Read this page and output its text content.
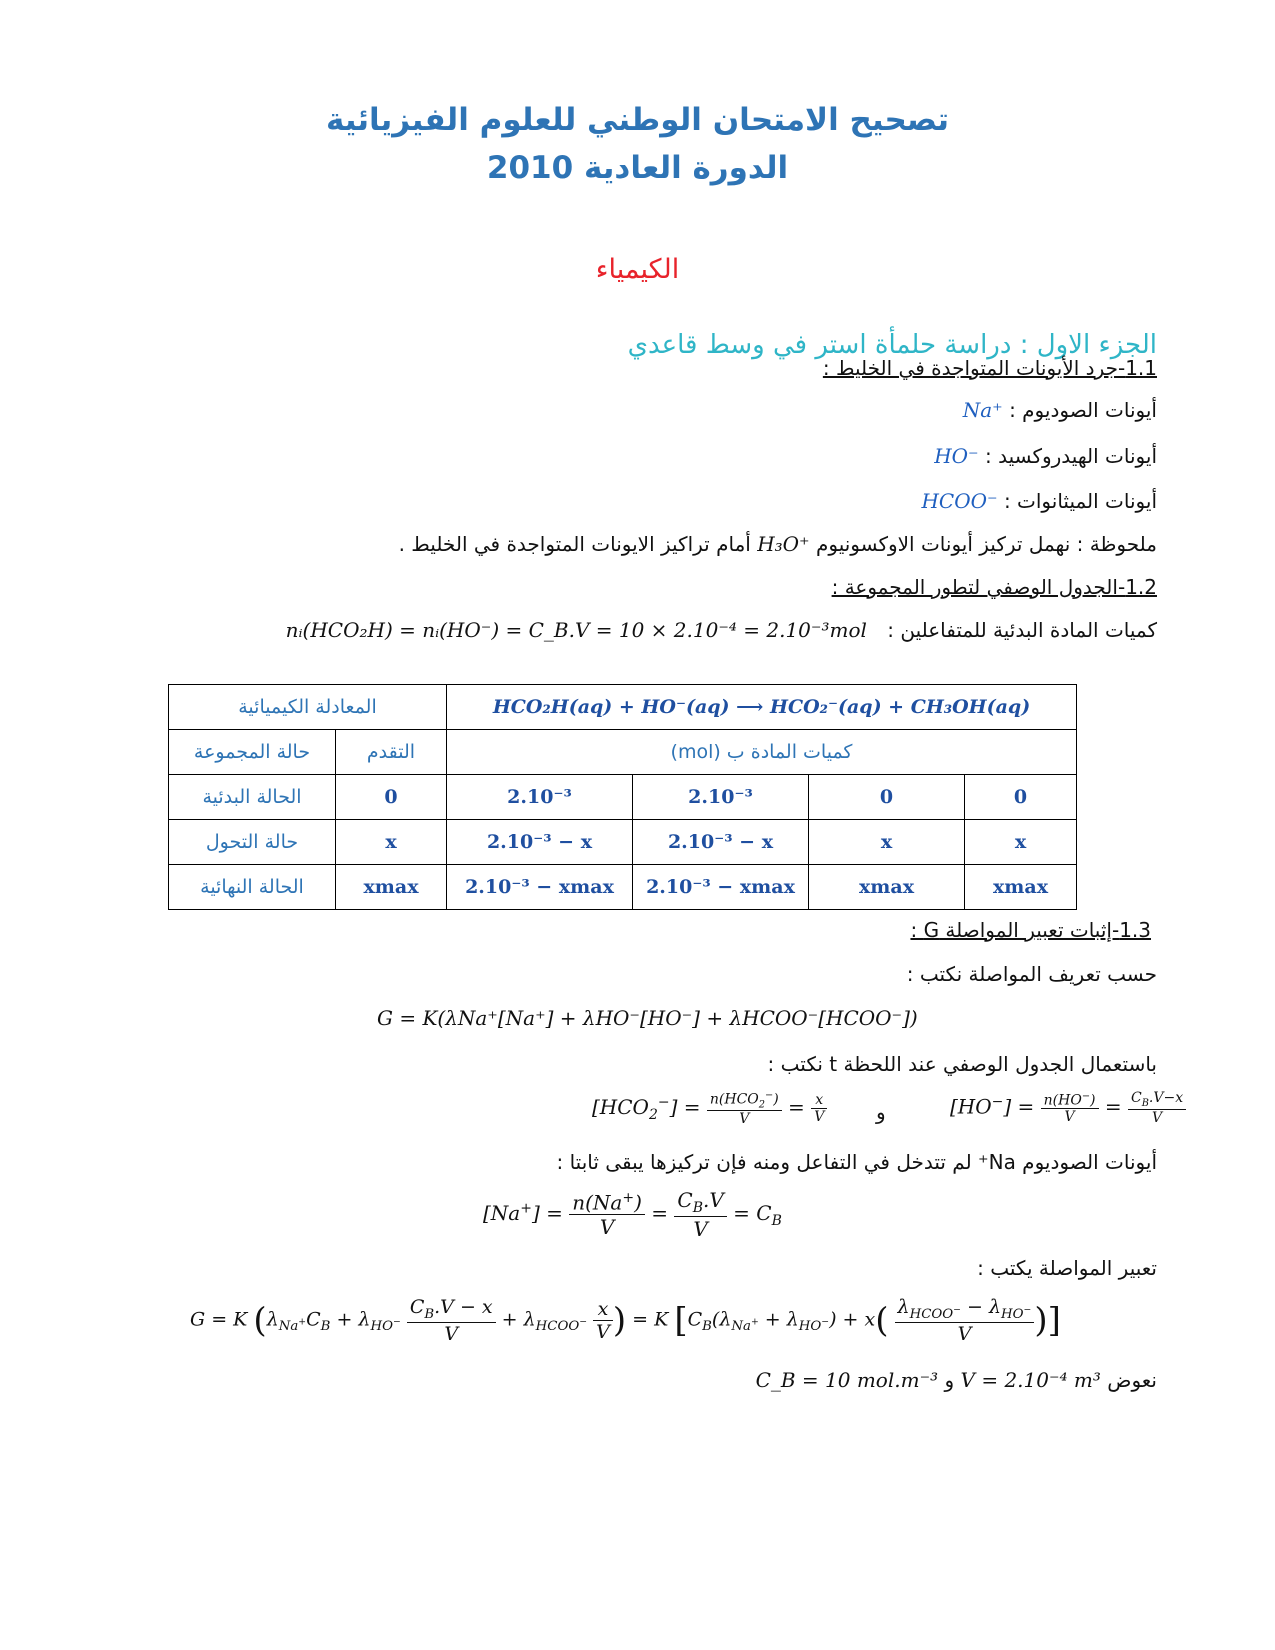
تصحيح الامتحان الوطني للعلوم الفيزيائية
الدورة العادية 2010
الكيمياء
الجزء الاول : دراسة حلمأة استر في وسط قاعدي
1.1-جرد الأيونات المتواجدة في الخليط :
أيونات الصوديوم : Na⁺
أيونات الهيدروكسيد : HO⁻
أيونات الميثانوات : HCOO⁻
ملحوظة : نهمل تركيز أيونات الاوكسونيوم H₃O⁺ أمام تراكيز الايونات المتواجدة في الخليط .
1.2-الجدول الوصفي لتطور المجموعة :
كميات المادة البدئية للمتفاعلين : nᵢ(HCO₂H) = nᵢ(HO⁻) = C_B.V = 10 × 2.10⁻⁴ = 2.10⁻³mol
المعادلة الكيميائية		HCO₂H(aq) + HO⁻(aq) ⟶ HCO₂⁻(aq) + CH₃OH(aq)			
حالة المجموعة	التقدم	كميات المادة ب (mol)			
الحالة البدئية	0	2.10⁻³	2.10⁻³	0	0
حالة التحول	x	2.10⁻³ − x	2.10⁻³ − x	x	x
الحالة النهائية	xmax	2.10⁻³ − xmax	2.10⁻³ − xmax	xmax	xmax
1.3-إثبات تعبير المواصلة G :
حسب تعريف المواصلة نكتب :
G = K(λNa⁺[Na⁺] + λHO⁻[HO⁻] + λHCOO⁻[HCOO⁻])
باستعمال الجدول الوصفي عند اللحظة t نكتب :
$[HCO_2^-] = \frac{n(HCO_2^-)}{V} = \frac{x}{V}$ و	$[HO^-] = \frac{n(HO^-)}{V} = \frac{C_B.V-x}{V}$
أيونات الصوديوم Na⁺ لم تتدخل في التفاعل ومنه فإن تركيزها يبقى ثابتا :
$[Na^+] = \frac{n(Na^+)}{V} = \frac{C_B.V}{V} = C_B$
تعبير المواصلة يكتب :
G = K ($\lambda_{Na^+}C_B + \lambda_{HO^-} \frac{C_B.V - x}{V} + \lambda_{HCOO^-} \frac{x}{V}$ ) = K [$C_B(\lambda_{Na^+} + \lambda_{HO^-}) + x( \frac{\lambda_{HCOO^-} - \lambda_{HO^-}}{V}$ )]
نعوض V = 2.10⁻⁴ m³ و C_B = 10 mol.m⁻³
